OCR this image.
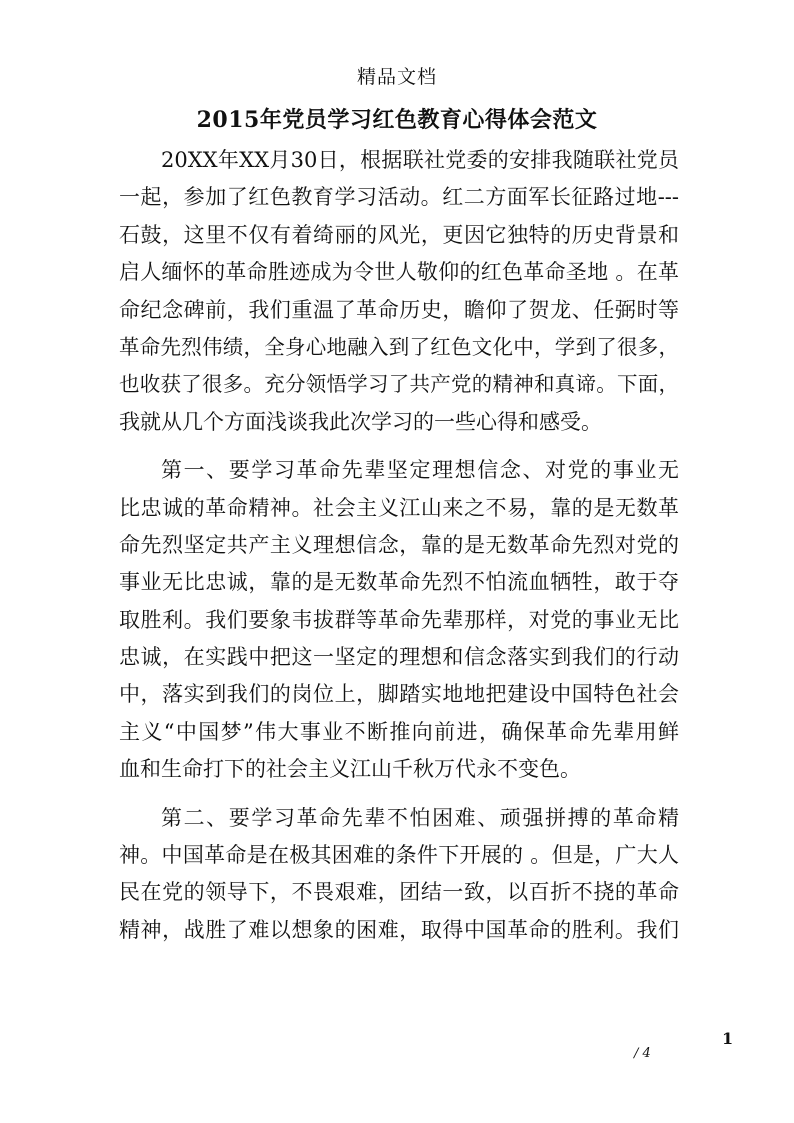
精品文档
2015年党员学习红色教育心得体会范文
20XX年XX月30日，根据联社党委的安排我随联社党员
一起，参加了红色教育学习活动。红二方面军长征路过地---
石鼓，这里不仅有着绮丽的风光，更因它独特的历史背景和
启人缅怀的革命胜迹成为令世人敬仰的红色革命圣地 。在革
命纪念碑前，我们重温了革命历史，瞻仰了贺龙、任弼时等
革命先烈伟绩，全身心地融入到了红色文化中，学到了很多，
也收获了很多。充分领悟学习了共产党的精神和真谛。下面，
我就从几个方面浅谈我此次学习的一些心得和感受。
第一、要学习革命先辈坚定理想信念、对党的事业无
比忠诚的革命精神。社会主义江山来之不易，靠的是无数革
命先烈坚定共产主义理想信念，靠的是无数革命先烈对党的
事业无比忠诚，靠的是无数革命先烈不怕流血牺牲，敢于夺
取胜利。我们要象韦拔群等革命先辈那样，对党的事业无比
忠诚，在实践中把这一坚定的理想和信念落实到我们的行动
中，落实到我们的岗位上，脚踏实地地把建设中国特色社会
主义“中国梦”伟大事业不断推向前进，确保革命先辈用鲜
血和生命打下的社会主义江山千秋万代永不变色。
第二、要学习革命先辈不怕困难、顽强拼搏的革命精
神。中国革命是在极其困难的条件下开展的 。但是，广大人
民在党的领导下，不畏艰难，团结一致，以百折不挠的革命
精神，战胜了难以想象的困难，取得中国革命的胜利。我们
1
/ 4
